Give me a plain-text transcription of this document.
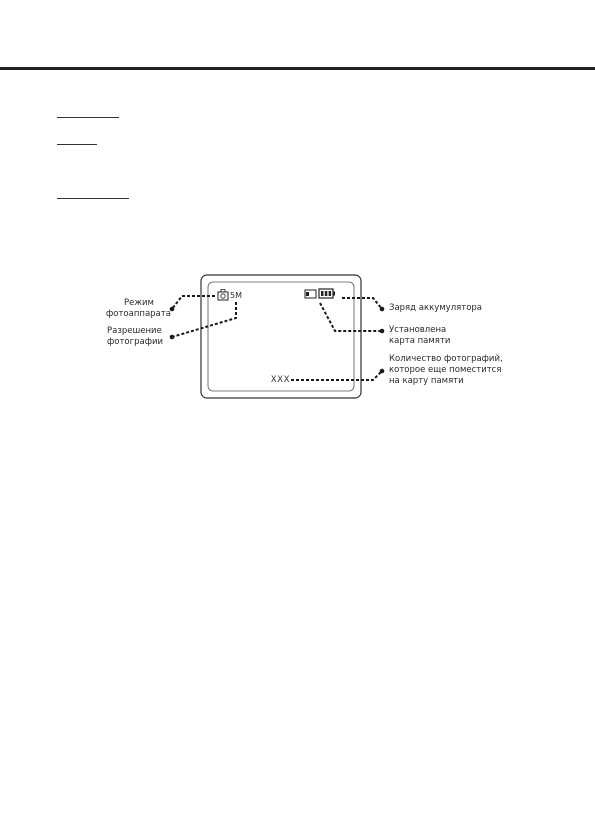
XXX
5M
Режим
фотоаппарата
Разрешение
фотографии
Заряд аккумулятора
Установлена
карта памяти
Количество фотографий,
которое еще поместится
на карту памяти
